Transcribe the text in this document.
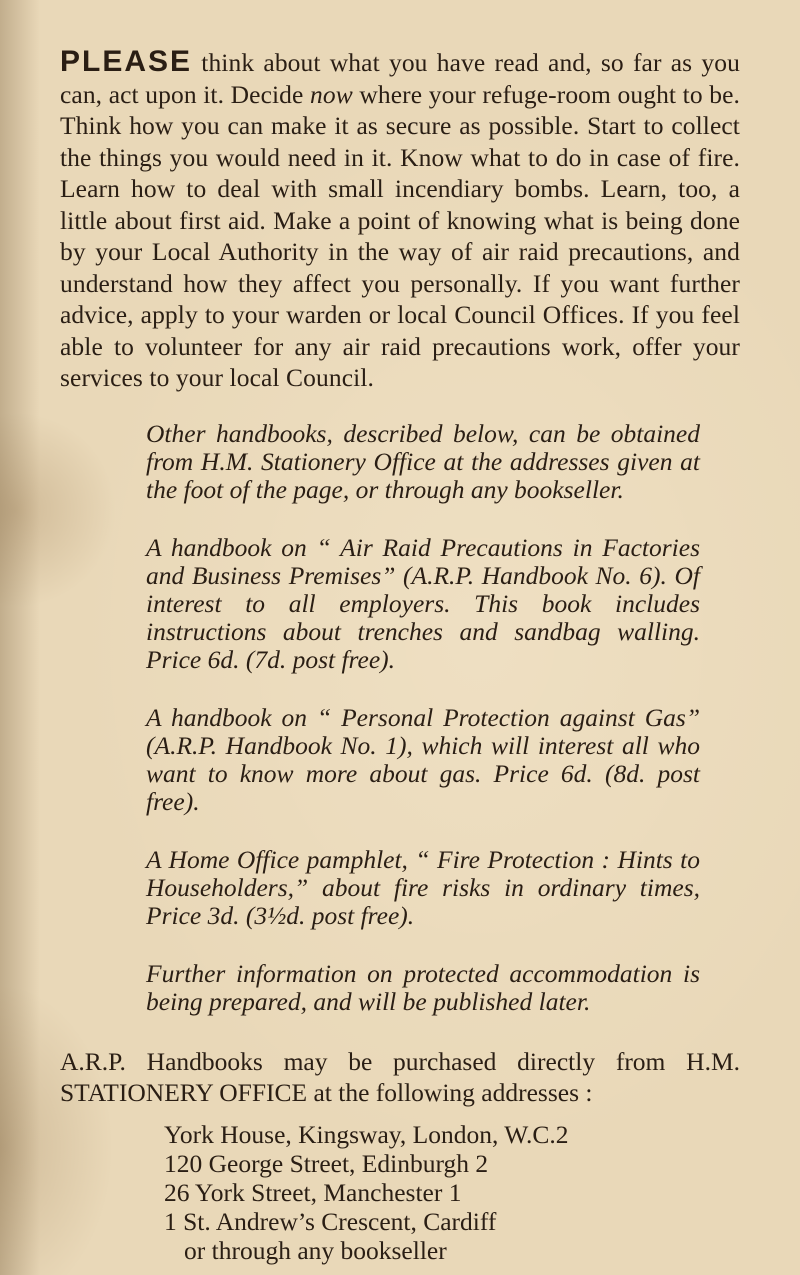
PLEASE think about what you have read and, so far as you can, act upon it. Decide now where your refuge-room ought to be. Think how you can make it as secure as possible. Start to collect the things you would need in it. Know what to do in case of fire. Learn how to deal with small incendiary bombs. Learn, too, a little about first aid. Make a point of knowing what is being done by your Local Authority in the way of air raid precautions, and understand how they affect you personally. If you want further advice, apply to your warden or local Council Offices. If you feel able to volunteer for any air raid precautions work, offer your services to your local Council.

Other handbooks, described below, can be obtained from H.M. Stationery Office at the addresses given at the foot of the page, or through any bookseller.

A handbook on “ Air Raid Precautions in Factories and Business Premises” (A.R.P. Handbook No. 6). Of interest to all employers. This book includes instructions about trenches and sandbag walling. Price 6d. (7d. post free).

A handbook on “ Personal Protection against Gas” (A.R.P. Handbook No. 1), which will interest all who want to know more about gas. Price 6d. (8d. post free).

A Home Office pamphlet, “ Fire Protection : Hints to Householders,” about fire risks in ordinary times, Price 3d. (3½d. post free).

Further information on protected accommodation is being prepared, and will be published later.

A.R.P. Handbooks may be purchased directly from H.M. STATIONERY OFFICE at the following addresses :

York House, Kingsway, London, W.C.2
120 George Street, Edinburgh 2
26 York Street, Manchester 1
1 St. Andrew’s Crescent, Cardiff
or through any bookseller
